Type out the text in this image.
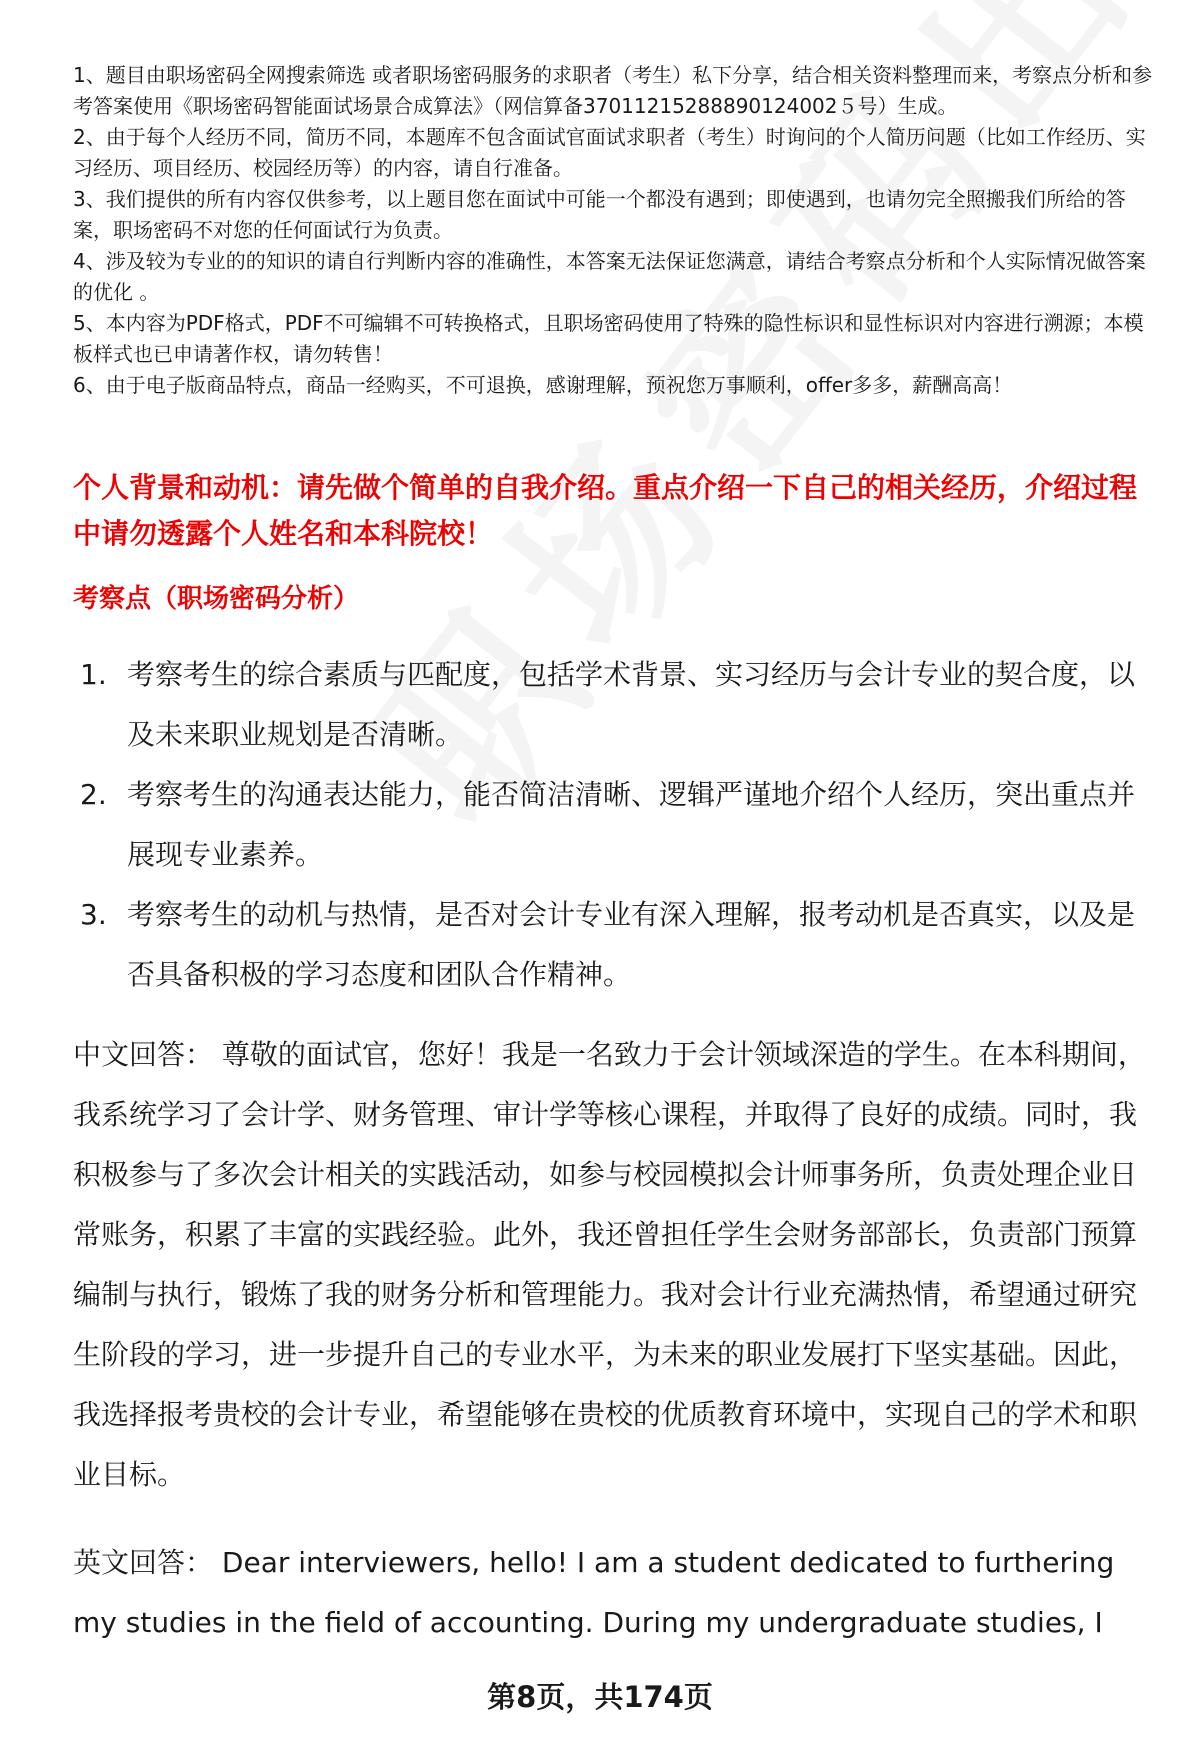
1、题目由职场密码全网搜索筛选 或者职场密码服务的求职者（考生）私下分享，结合相关资料整理而来，考察点分析和参考答案使用《职场密码智能面试场景合成算法》（网信算备37011215288890124002５号）生成。

2、由于每个人经历不同，简历不同，本题库不包含面试官面试求职者（考生）时询问的个人简历问题（比如工作经历、实习经历、项目经历、校园经历等）的内容，请自行准备。

3、我们提供的所有内容仅供参考，以上题目您在面试中可能一个都没有遇到；即使遇到，也请勿完全照搬我们所给的答案，职场密码不对您的任何面试行为负责。

4、涉及较为专业的的知识的请自行判断内容的准确性，本答案无法保证您满意，请结合考察点分析和个人实际情况做答案的优化 。

5、本内容为PDF格式，PDF不可编辑不可转换格式，且职场密码使用了特殊的隐性标识和显性标识对内容进行溯源；本模板样式也已申请著作权，请勿转售！

6、由于电子版商品特点，商品一经购买，不可退换，感谢理解，预祝您万事顺利，offer多多，薪酬高高！

个人背景和动机：请先做个简单的自我介绍。重点介绍一下自己的相关经历，介绍过程中请勿透露个人姓名和本科院校！

考察点（职场密码分析）

1. 考察考生的综合素质与匹配度，包括学术背景、实习经历与会计专业的契合度，以及未来职业规划是否清晰。
2. 考察考生的沟通表达能力，能否简洁清晰、逻辑严谨地介绍个人经历，突出重点并展现专业素养。
3. 考察考生的动机与热情，是否对会计专业有深入理解，报考动机是否真实，以及是否具备积极的学习态度和团队合作精神。

中文回答： 尊敬的面试官，您好！我是一名致力于会计领域深造的学生。在本科期间，我系统学习了会计学、财务管理、审计学等核心课程，并取得了良好的成绩。同时，我积极参与了多次会计相关的实践活动，如参与校园模拟会计师事务所，负责处理企业日常账务，积累了丰富的实践经验。此外，我还曾担任学生会财务部部长，负责部门预算编制与执行，锻炼了我的财务分析和管理能力。我对会计行业充满热情，希望通过研究生阶段的学习，进一步提升自己的专业水平，为未来的职业发展打下坚实基础。因此，我选择报考贵校的会计专业，希望能够在贵校的优质教育环境中，实现自己的学术和职业目标。

英文回答： Dear interviewers, hello! I am a student dedicated to furthering my studies in the field of accounting. During my undergraduate studies, I

第8页，共174页
